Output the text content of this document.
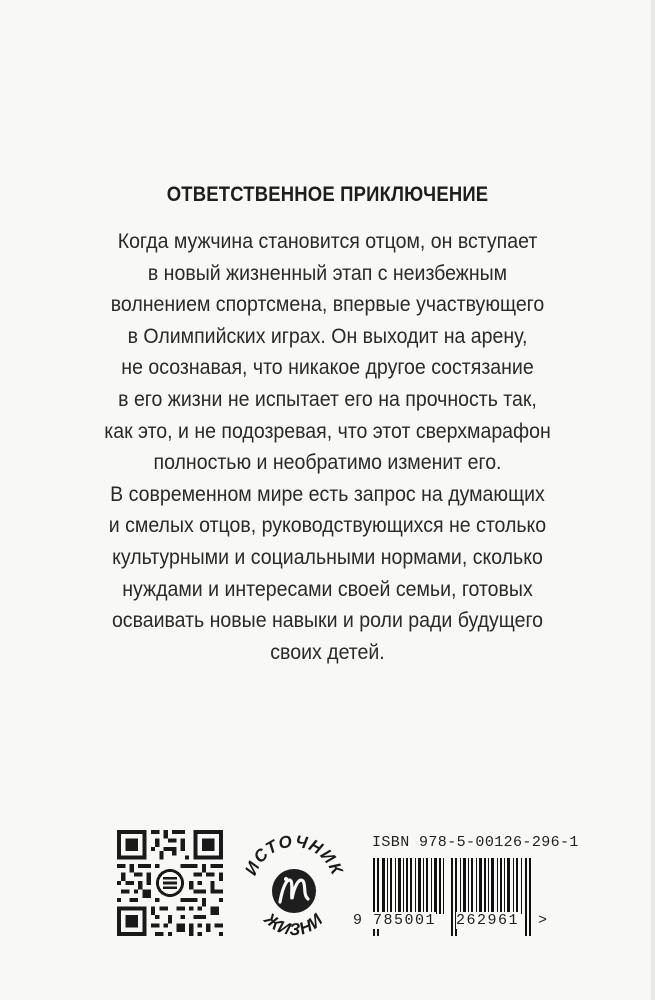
ОТВЕТСТВЕННОЕ ПРИКЛЮЧЕНИЕ
Когда мужчина становится отцом, он вступает
в новый жизненный этап с неизбежным
волнением спортсмена, впервые участвующего
в Олимпийских играх. Он выходит на арену,
не осознавая, что никакое другое состязание
в его жизни не испытает его на прочность так,
как это, и не подозревая, что этот сверхмарафон
полностью и необратимо изменит его.
В современном мире есть запрос на думающих
и смелых отцов, руководствующихся не столько
культурными и социальными нормами, сколько
нуждами и интересами своей семьи, готовых
осваивать новые навыки и роли ради будущего
своих детей.
ИСТОЧНИК
ЖИЗНИ
ISBN 978-5-00126-296-1
9 785001 262961 >
